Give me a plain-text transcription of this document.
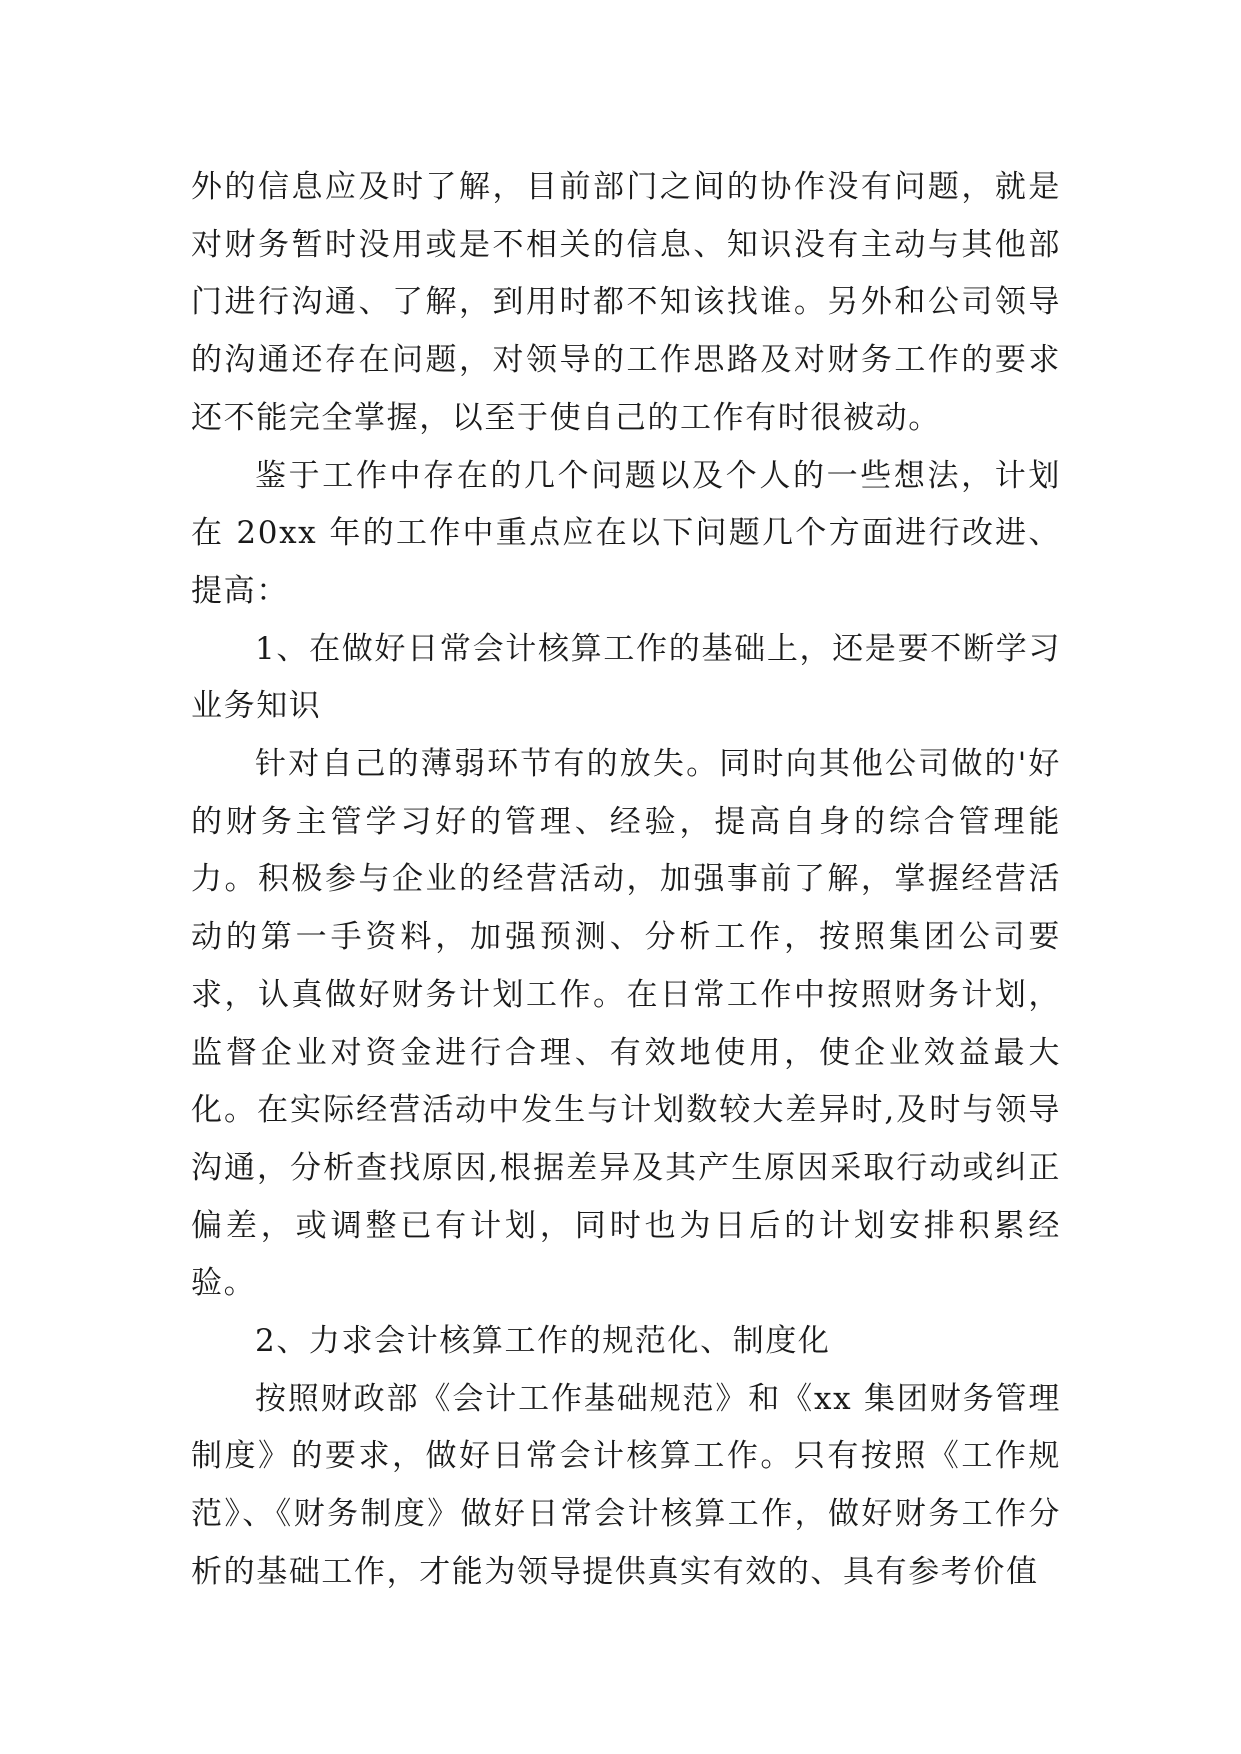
外的信息应及时了解，目前部门之间的协作没有问题，就是对财务暂时没用或是不相关的信息、知识没有主动与其他部门进行沟通、了解，到用时都不知该找谁。另外和公司领导的沟通还存在问题，对领导的工作思路及对财务工作的要求还不能完全掌握，以至于使自己的工作有时很被动。

鉴于工作中存在的几个问题以及个人的一些想法，计划在 20xx 年的工作中重点应在以下问题几个方面进行改进、提高：

1、在做好日常会计核算工作的基础上，还是要不断学习业务知识

针对自己的薄弱环节有的放失。同时向其他公司做的'好的财务主管学习好的管理、经验，提高自身的综合管理能力。积极参与企业的经营活动，加强事前了解，掌握经营活动的第一手资料，加强预测、分析工作，按照集团公司要求，认真做好财务计划工作。在日常工作中按照财务计划，监督企业对资金进行合理、有效地使用，使企业效益最大化。在实际经营活动中发生与计划数较大差异时,及时与领导沟通，分析查找原因,根据差异及其产生原因采取行动或纠正偏差，或调整已有计划，同时也为日后的计划安排积累经验。

2、力求会计核算工作的规范化、制度化

按照财政部《会计工作基础规范》和《xx 集团财务管理制度》的要求，做好日常会计核算工作。只有按照《工作规范》、《财务制度》做好日常会计核算工作，做好财务工作分析的基础工作，才能为领导提供真实有效的、具有参考价值
